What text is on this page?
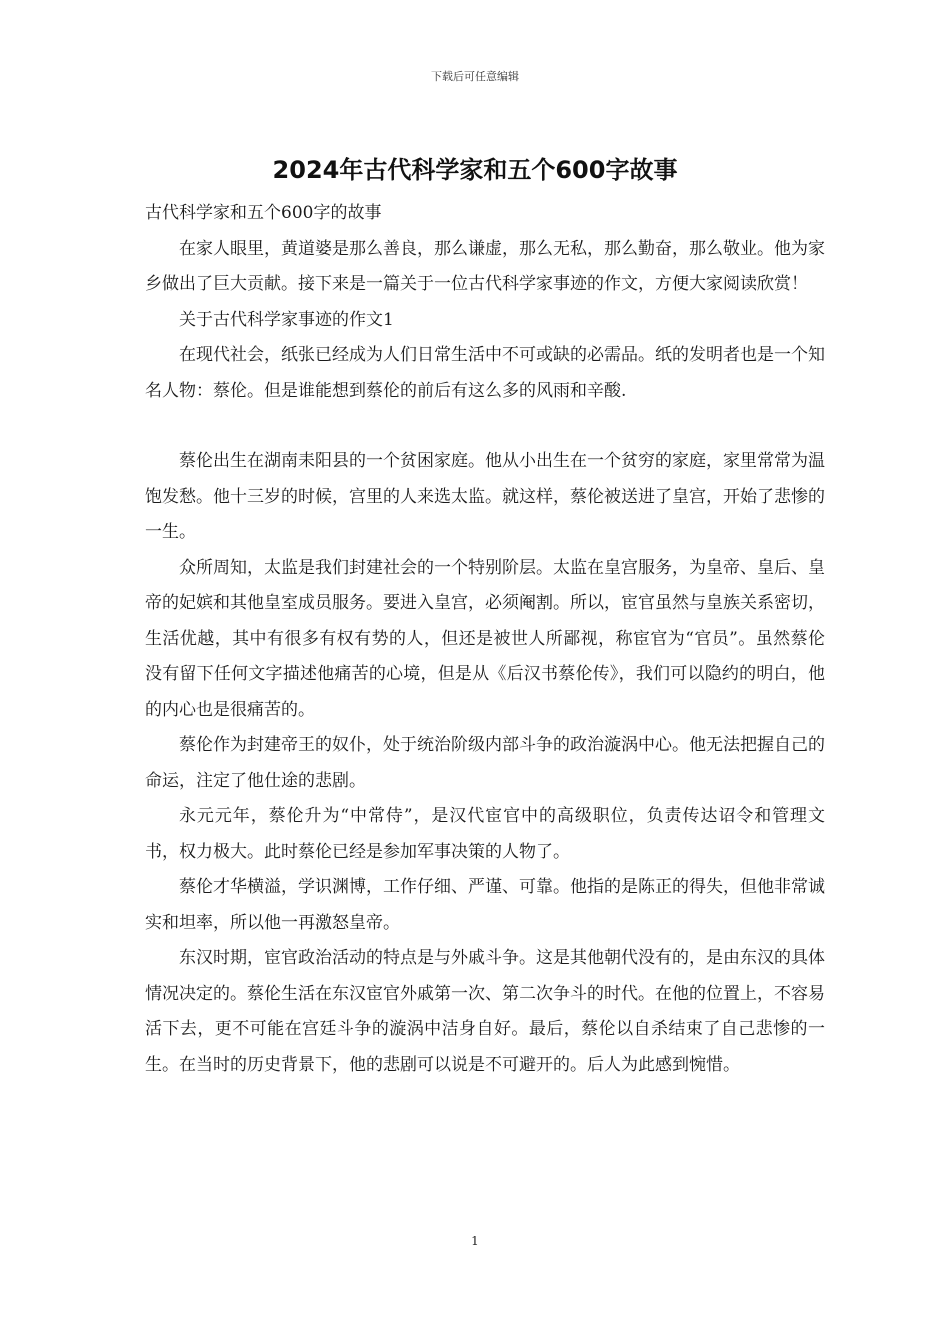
下载后可任意编辑
2024年古代科学家和五个600字故事

古代科学家和五个600字的故事

在家人眼里，黄道婆是那么善良，那么谦虚，那么无私，那么勤奋，那么敬业。他为家乡做出了巨大贡献。接下来是一篇关于一位古代科学家事迹的作文，方便大家阅读欣赏！

关于古代科学家事迹的作文1

在现代社会，纸张已经成为人们日常生活中不可或缺的必需品。纸的发明者也是一个知名人物：蔡伦。但是谁能想到蔡伦的前后有这么多的风雨和辛酸.

蔡伦出生在湖南耒阳县的一个贫困家庭。他从小出生在一个贫穷的家庭，家里常常为温饱发愁。他十三岁的时候，宫里的人来选太监。就这样，蔡伦被送进了皇宫，开始了悲惨的一生。

众所周知，太监是我们封建社会的一个特别阶层。太监在皇宫服务，为皇帝、皇后、皇帝的妃嫔和其他皇室成员服务。要进入皇宫，必须阉割。所以，宦官虽然与皇族关系密切，生活优越，其中有很多有权有势的人，但还是被世人所鄙视，称宦官为“官员”。虽然蔡伦没有留下任何文字描述他痛苦的心境，但是从《后汉书蔡伦传》，我们可以隐约的明白，他的内心也是很痛苦的。

蔡伦作为封建帝王的奴仆，处于统治阶级内部斗争的政治漩涡中心。他无法把握自己的命运，注定了他仕途的悲剧。

永元元年，蔡伦升为“中常侍”，是汉代宦官中的高级职位，负责传达诏令和管理文书，权力极大。此时蔡伦已经是参加军事决策的人物了。

蔡伦才华横溢，学识渊博，工作仔细、严谨、可靠。他指的是陈正的得失，但他非常诚实和坦率，所以他一再激怒皇帝。

东汉时期，宦官政治活动的特点是与外戚斗争。这是其他朝代没有的，是由东汉的具体情况决定的。蔡伦生活在东汉宦官外戚第一次、第二次争斗的时代。在他的位置上，不容易活下去，更不可能在宫廷斗争的漩涡中洁身自好。最后，蔡伦以自杀结束了自己悲惨的一生。在当时的历史背景下，他的悲剧可以说是不可避开的。后人为此感到惋惜。

1
